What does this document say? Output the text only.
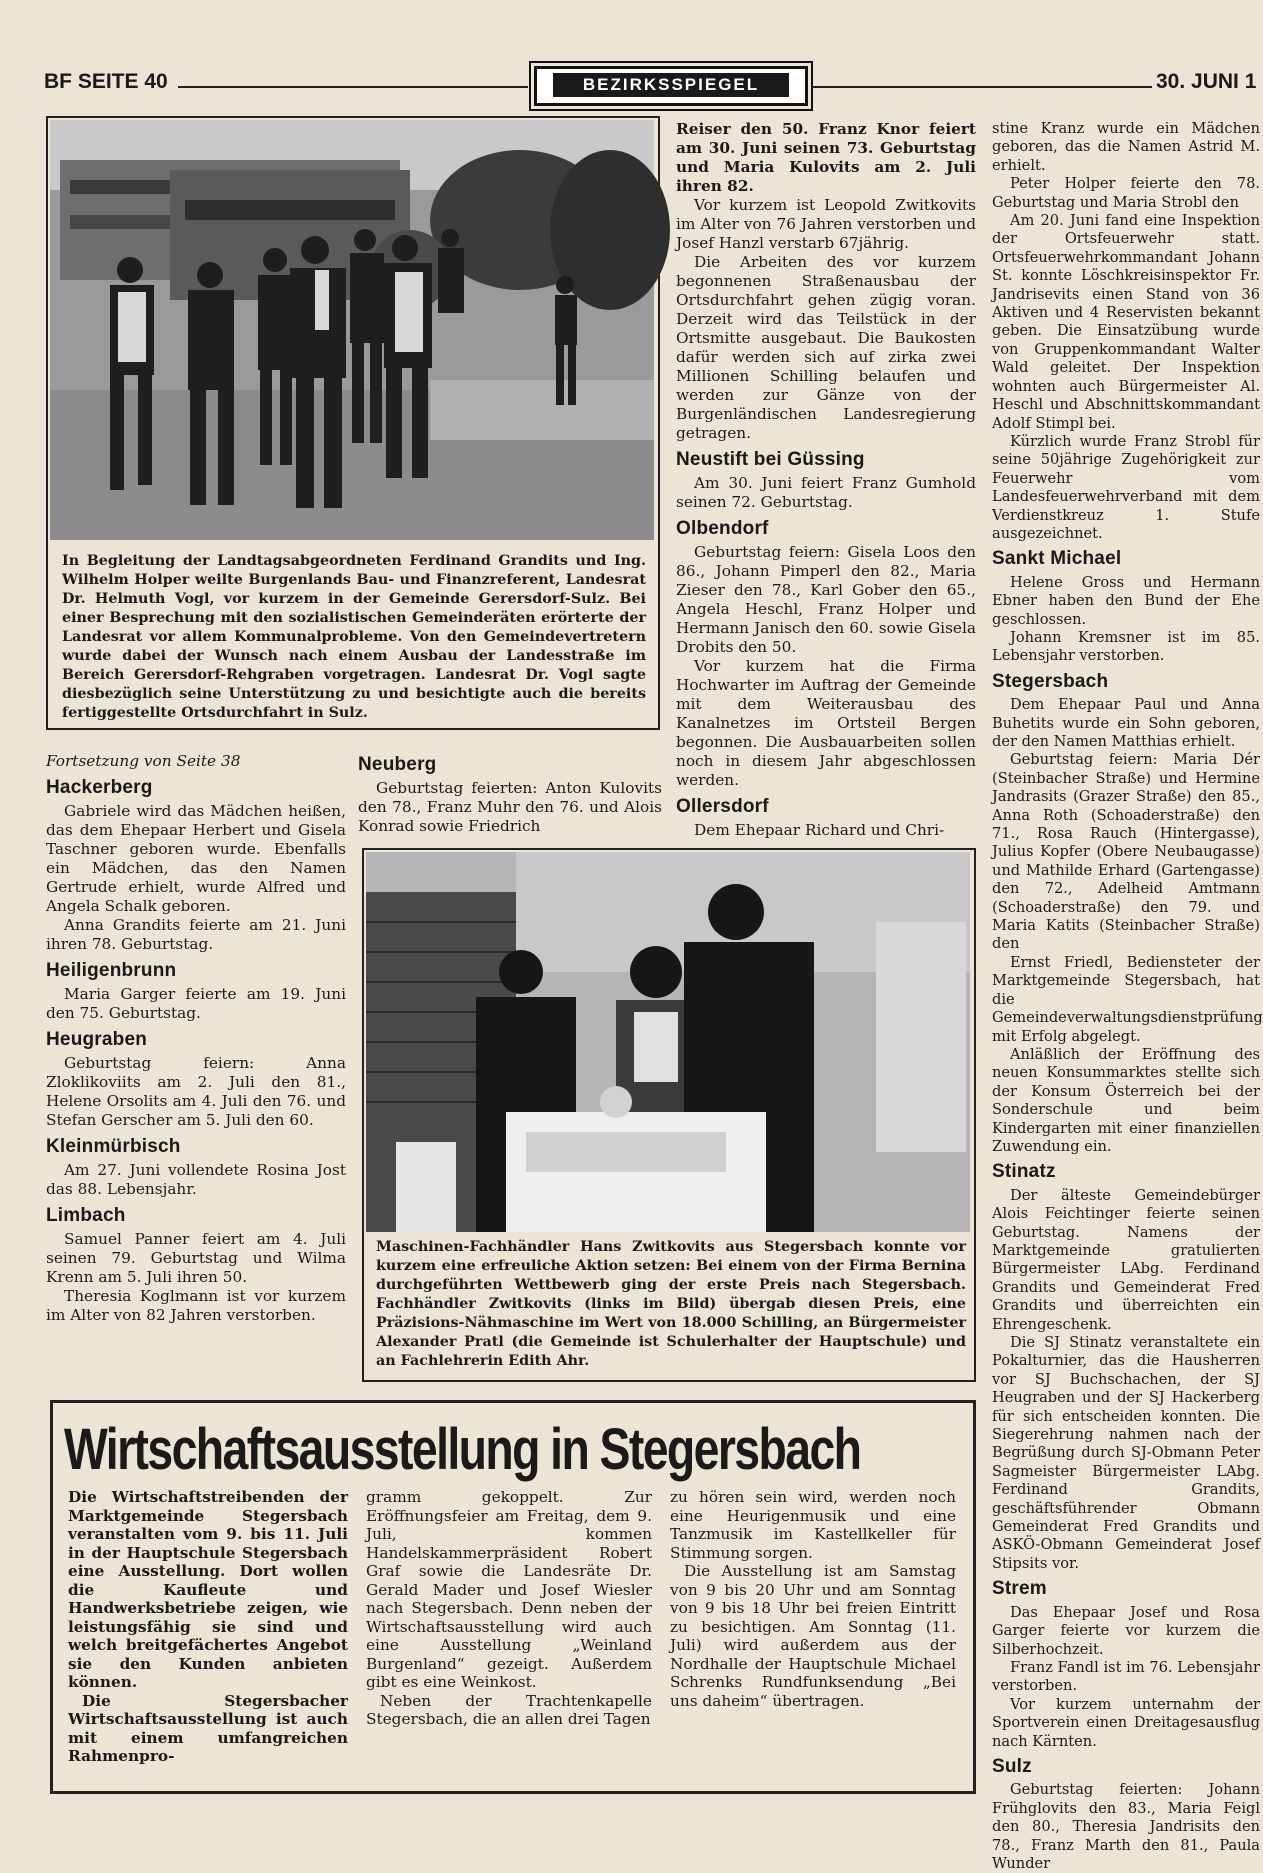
BF SEITE 40	BEZIRKSSPIEGEL	30. JUNI 1
In Begleitung der Landtagsabgeordneten Ferdinand Grandits und Ing. Wilhelm Holper weilte Burgenlands Bau- und Finanzreferent, Landesrat Dr. Helmuth Vogl, vor kurzem in der Gemeinde Gerersdorf-Sulz. Bei einer Besprechung mit den sozialistischen Gemeinderäten erörterte der Landesrat vor allem Kommunalprobleme. Von den Gemeindevertretern wurde dabei der Wunsch nach einem Ausbau der Landesstraße im Bereich Gerersdorf-Rehgraben vorgetragen. Landesrat Dr. Vogl sagte diesbezüglich seine Unterstützung zu und besichtigte auch die bereits fertiggestellte Ortsdurchfahrt in Sulz.
Fortsetzung von Seite 38
Hackerberg

Gabriele wird das Mädchen heißen, das dem Ehepaar Herbert und Gisela Taschner geboren wurde. Ebenfalls ein Mädchen, das den Namen Gertrude erhielt, wurde Alfred und Angela Schalk geboren.

Anna Grandits feierte am 21. Juni ihren 78. Geburtstag.

Heiligenbrunn

Maria Garger feierte am 19. Juni den 75. Geburtstag.

Heugraben

Geburtstag feiern: Anna Zloklikoviits am 2. Juli den 81., Helene Orsolits am 4. Juli den 76. und Stefan Gerscher am 5. Juli den 60.

Kleinmürbisch

Am 27. Juni vollendete Rosina Jost das 88. Lebensjahr.

Limbach

Samuel Panner feiert am 4. Juli seinen 79. Geburtstag und Wilma Krenn am 5. Juli ihren 50.

Theresia Koglmann ist vor kurzem im Alter von 82 Jahren verstorben.

Neuberg

Geburtstag feierten: Anton Kulovits den 78., Franz Muhr den 76. und Alois Konrad sowie Friedrich

Maschinen-Fachhändler Hans Zwitkovits aus Stegersbach konnte vor kurzem eine erfreuliche Aktion setzen: Bei einem von der Firma Bernina durchgeführten Wettbewerb ging der erste Preis nach Stegersbach. Fachhändler Zwitkovits (links im Bild) übergab diesen Preis, eine Präzisions-Nähmaschine im Wert von 18.000 Schilling, an Bürgermeister Alexander Pratl (die Gemeinde ist Schulerhalter der Hauptschule) und an Fachlehrerin Edith Ahr.

Reiser den 50. Franz Knor feiert am 30. Juni seinen 73. Geburtstag und Maria Kulovits am 2. Juli ihren 82.

Vor kurzem ist Leopold Zwitkovits im Alter von 76 Jahren verstorben und Josef Hanzl verstarb 67jährig.

Die Arbeiten des vor kurzem begonnenen Straßenausbau der Ortsdurchfahrt gehen zügig voran. Derzeit wird das Teilstück in der Ortsmitte ausgebaut. Die Baukosten dafür werden sich auf zirka zwei Millionen Schilling belaufen und werden zur Gänze von der Burgenländischen Landesregierung getragen.

Neustift bei Güssing

Am 30. Juni feiert Franz Gumhold seinen 72. Geburtstag.

Olbendorf

Geburtstag feiern: Gisela Loos den 86., Johann Pimperl den 82., Maria Zieser den 78., Karl Gober den 65., Angela Heschl, Franz Holper und Hermann Janisch den 60. sowie Gisela Drobits den 50.

Vor kurzem hat die Firma Hochwarter im Auftrag der Gemeinde mit dem Weiterausbau des Kanalnetzes im Ortsteil Bergen begonnen. Die Ausbauarbeiten sollen noch in diesem Jahr abgeschlossen werden.

Ollersdorf

Dem Ehepaar Richard und Chri-

stine Kranz wurde ein Mädchen geboren, das die Namen Astrid M. erhielt.

Peter Holper feierte den 78. Geburtstag und Maria Strobl den

Am 20. Juni fand eine Inspektion der Ortsfeuerwehr statt. Ortsfeuerwehrkommandant Johann St. konnte Löschkreisinspektor Fr. Jandrisevits einen Stand von 36 Aktiven und 4 Reservisten bekannt geben. Die Einsatzübung wurde von Gruppenkommandant Walter Wald geleitet. Der Inspektion wohnten auch Bürgermeister Al. Heschl und Abschnittskommandant Adolf Stimpl bei.

Kürzlich wurde Franz Strobl für seine 50jährige Zugehörigkeit zur Feuerwehr vom Landesfeuerwehrverband mit dem Verdienstkreuz 1. Stufe ausgezeichnet.

Sankt Michael

Helene Gross und Hermann Ebner haben den Bund der Ehe geschlossen.

Johann Kremsner ist im 85. Lebensjahr verstorben.

Stegersbach

Dem Ehepaar Paul und Anna Buhetits wurde ein Sohn geboren, der den Namen Matthias erhielt.

Geburtstag feiern: Maria Dér (Steinbacher Straße) und Hermine Jandrasits (Grazer Straße) den 85., Anna Roth (Schoaderstraße) den 71., Rosa Rauch (Hintergasse), Julius Kopfer (Obere Neubaugasse) und Mathilde Erhard (Gartengasse) den 72., Adelheid Amtmann (Schoaderstraße) den 79. und Maria Katits (Steinbacher Straße) den

Ernst Friedl, Bediensteter der Marktgemeinde Stegersbach, hat die Gemeindeverwaltungsdienstprüfung mit Erfolg abgelegt.

Anläßlich der Eröffnung des neuen Konsummarktes stellte sich der Konsum Österreich bei der Sonderschule und beim Kindergarten mit einer finanziellen Zuwendung ein.

Stinatz

Der älteste Gemeindebürger Alois Feichtinger feierte seinen Geburtstag. Namens der Marktgemeinde gratulierten Bürgermeister LAbg. Ferdinand Grandits und Gemeinderat Fred Grandits und überreichten ein Ehrengeschenk.

Die SJ Stinatz veranstaltete ein Pokalturnier, das die Hausherren vor SJ Buchschachen, der SJ Heugraben und der SJ Hackerberg für sich entscheiden konnten. Die Siegerehrung nahmen nach der Begrüßung durch SJ-Obmann Peter Sagmeister Bürgermeister LAbg. Ferdinand Grandits, geschäftsführender Obmann Gemeinderat Fred Grandits und ASKÖ-Obmann Gemeinderat Josef Stipsits vor.

Strem

Das Ehepaar Josef und Rosa Garger feierte vor kurzem die Silberhochzeit.

Franz Fandl ist im 76. Lebensjahr verstorben.

Vor kurzem unternahm der Sportverein einen Dreitagesausflug nach Kärnten.

Sulz

Geburtstag feierten: Johann Frühglovits den 83., Maria Feigl den 80., Theresia Jandrisits den 78., Franz Marth den 81., Paula Wunder

Wirtschaftsausstellung in Stegersbach

Die Wirtschaftstreibenden der Marktgemeinde Stegersbach veranstalten vom 9. bis 11. Juli in der Hauptschule Stegersbach eine Ausstellung. Dort wollen die Kaufleute und Handwerksbetriebe zeigen, wie leistungsfähig sie sind und welch breitgefächertes Angebot sie den Kunden anbieten können.

Die Stegersbacher Wirtschaftsausstellung ist auch mit einem umfangreichen Rahmenpro-

gramm gekoppelt. Zur Eröffnungsfeier am Freitag, dem 9. Juli, kommen Handelskammerpräsident Robert Graf sowie die Landesräte Dr. Gerald Mader und Josef Wiesler nach Stegersbach. Denn neben der Wirtschaftsausstellung wird auch eine Ausstellung „Weinland Burgenland“ gezeigt. Außerdem gibt es eine Weinkost.

Neben der Trachtenkapelle Stegersbach, die an allen drei Tagen

zu hören sein wird, werden noch eine Heurigenmusik und eine Tanzmusik im Kastellkeller für Stimmung sorgen.

Die Ausstellung ist am Samstag von 9 bis 20 Uhr und am Sonntag von 9 bis 18 Uhr bei freien Eintritt zu besichtigen. Am Sonntag (11. Juli) wird außerdem aus der Nordhalle der Hauptschule Michael Schrenks Rundfunksendung „Bei uns daheim“ übertragen.
